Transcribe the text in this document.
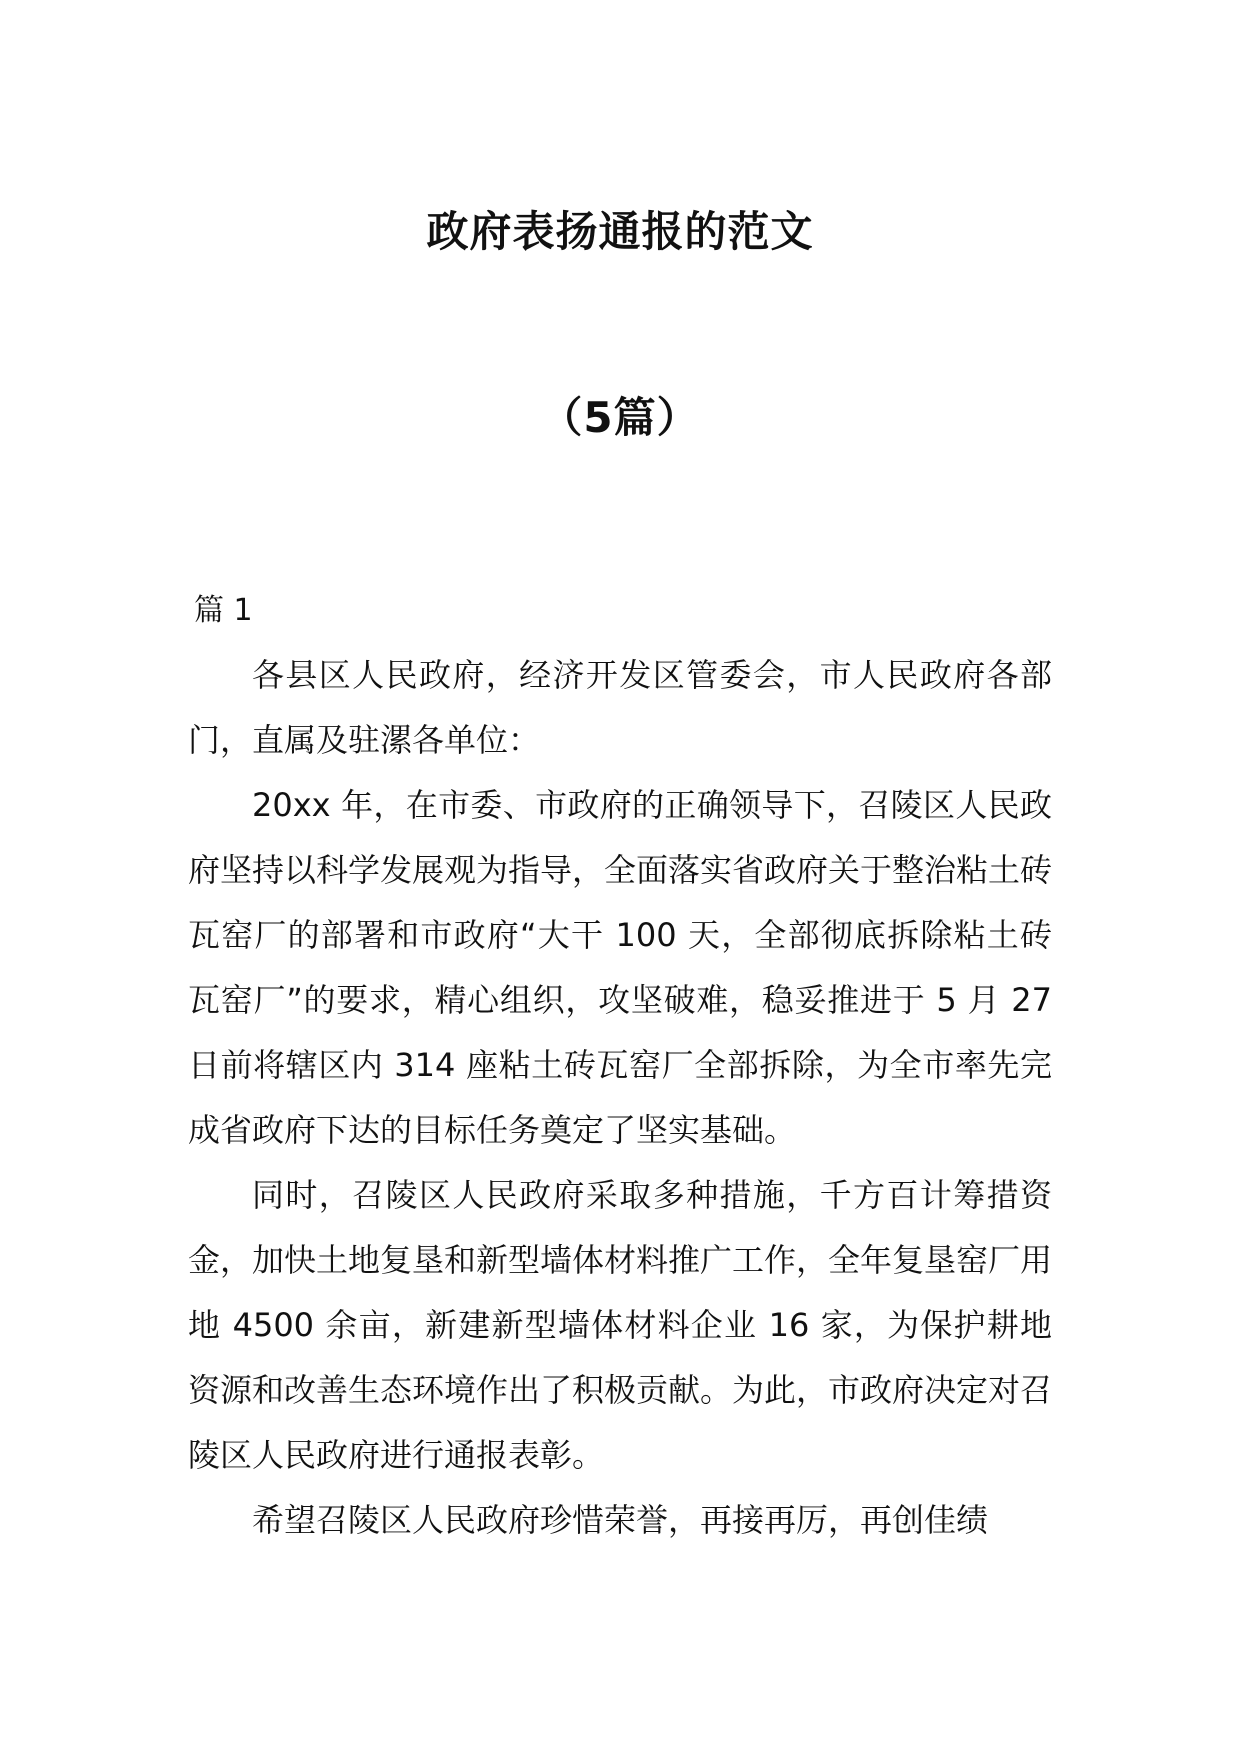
政府表扬通报的范文
（5篇）

篇 1

各县区人民政府，经济开发区管委会，市人民政府各部门，直属及驻漯各单位：

20xx 年，在市委、市政府的正确领导下，召陵区人民政府坚持以科学发展观为指导，全面落实省政府关于整治粘土砖瓦窑厂的部署和市政府“大干 100 天，全部彻底拆除粘土砖瓦窑厂”的要求，精心组织，攻坚破难，稳妥推进于 5 月 27 日前将辖区内 314 座粘土砖瓦窑厂全部拆除，为全市率先完成省政府下达的目标任务奠定了坚实基础。

同时，召陵区人民政府采取多种措施，千方百计筹措资金，加快土地复垦和新型墙体材料推广工作，全年复垦窑厂用地 4500 余亩，新建新型墙体材料企业 16 家，为保护耕地资源和改善生态环境作出了积极贡献。为此，市政府决定对召陵区人民政府进行通报表彰。

希望召陵区人民政府珍惜荣誉，再接再厉，再创佳绩
